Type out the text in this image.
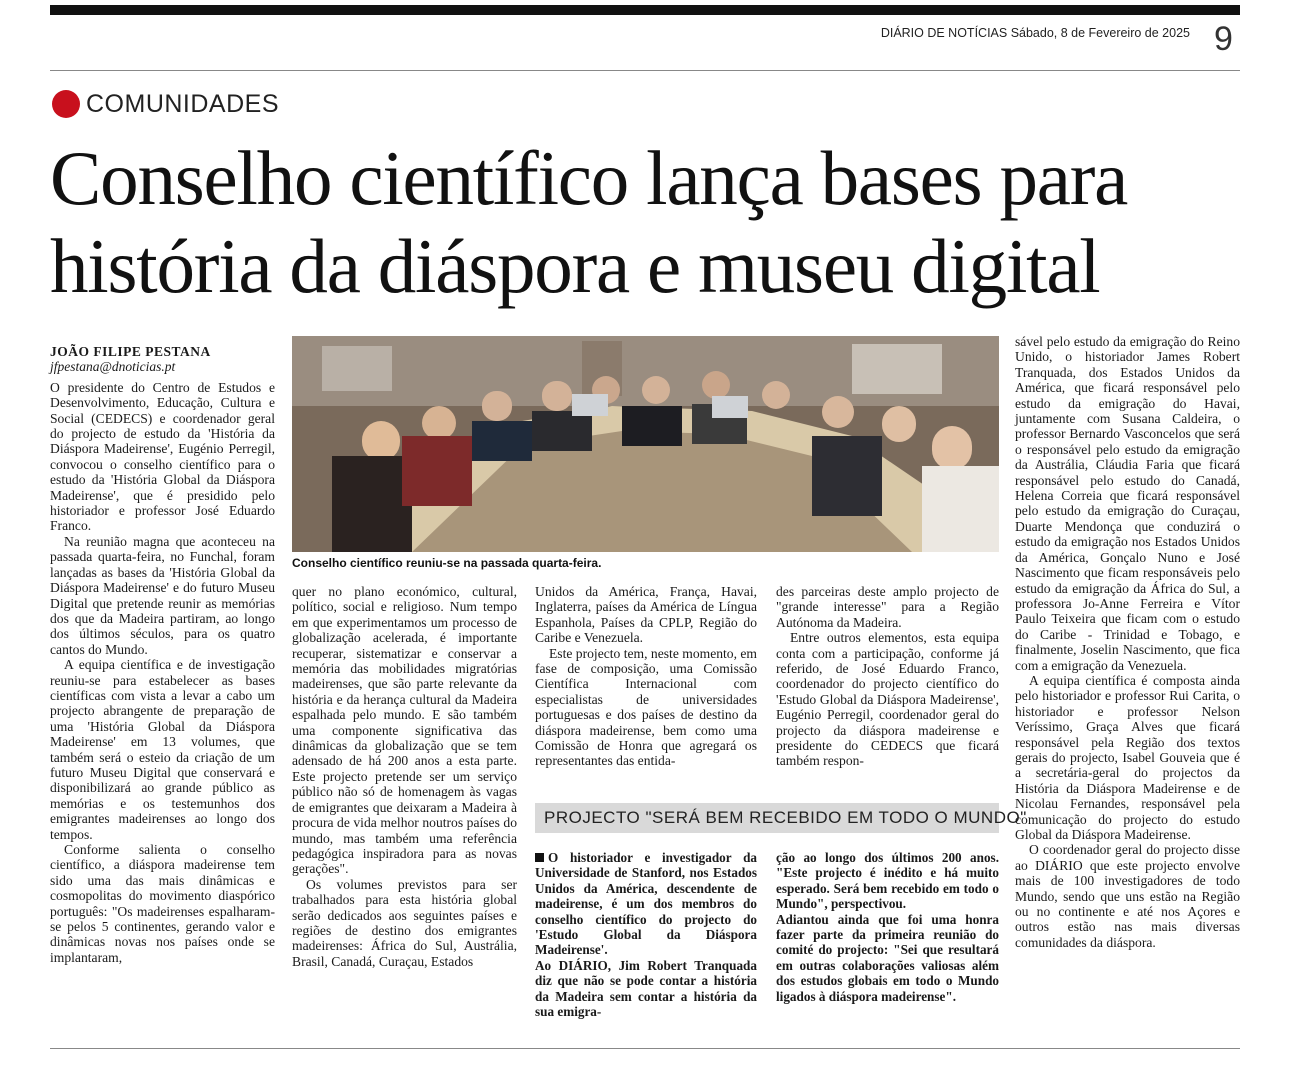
DIÁRIO DE NOTÍCIAS Sábado, 8 de Fevereiro de 2025 9
COMUNIDADES
Conselho científico lança bases para
história da diáspora e museu digital
JOÃO FILIPE PESTANA
jfpestana@dnoticias.pt

O presidente do Centro de Estudos e Desenvolvimento, Educação, Cultura e Social (CEDECS) e coordenador geral do projecto de estudo da 'História da Diáspora Madeirense', Eugénio Perregil, convocou o conselho científico para o estudo da 'História Global da Diáspora Madeirense', que é presidido pelo historiador e professor José Eduardo Franco.

Na reunião magna que aconteceu na passada quarta-feira, no Funchal, foram lançadas as bases da 'História Global da Diáspora Madeirense' e do futuro Museu Digital que pretende reunir as memórias dos que da Madeira partiram, ao longo dos últimos séculos, para os quatro cantos do Mundo.

A equipa científica e de investigação reuniu-se para estabelecer as bases científicas com vista a levar a cabo um projecto abrangente de preparação de uma 'História Global da Diáspora Madeirense' em 13 volumes, que também será o esteio da criação de um futuro Museu Digital que conservará e disponibilizará ao grande público as memórias e os testemunhos dos emigrantes madeirenses ao longo dos tempos.

Conforme salienta o conselho científico, a diáspora madeirense tem sido uma das mais dinâmicas e cosmopolitas do movimento diaspórico português: "Os madeirenses espalharam-se pelos 5 continentes, gerando valor e dinâmicas novas nos países onde se implantaram,

Conselho científico reuniu-se na passada quarta-feira.

quer no plano económico, cultural, político, social e religioso. Num tempo em que experimentamos um processo de globalização acelerada, é importante recuperar, sistematizar e conservar a memória das mobilidades migratórias madeirenses, que são parte relevante da história e da herança cultural da Madeira espalhada pelo mundo. E são também uma componente significativa das dinâmicas da globalização que se tem adensado de há 200 anos a esta parte. Este projecto pretende ser um serviço público não só de homenagem às vagas de emigrantes que deixaram a Madeira à procura de vida melhor noutros países do mundo, mas também uma referência pedagógica inspiradora para as novas gerações".

Os volumes previstos para ser trabalhados para esta história global serão dedicados aos seguintes países e regiões de destino dos emigrantes madeirenses: África do Sul, Austrália, Brasil, Canadá, Curaçau, Estados

Unidos da América, França, Havai, Inglaterra, países da América de Língua Espanhola, Países da CPLP, Região do Caribe e Venezuela.

Este projecto tem, neste momento, em fase de composição, uma Comissão Científica Internacional com especialistas de universidades portuguesas e dos países de destino da diáspora madeirense, bem como uma Comissão de Honra que agregará os representantes das entida-

des parceiras deste amplo projecto de "grande interesse" para a Região Autónoma da Madeira.

Entre outros elementos, esta equipa conta com a participação, conforme já referido, de José Eduardo Franco, coordenador do projecto científico do 'Estudo Global da Diáspora Madeirense', Eugénio Perregil, coordenador geral do projecto da diáspora madeirense e presidente do CEDECS que ficará também respon-

PROJECTO "SERÁ BEM RECEBIDO EM TODO O MUNDO"

O historiador e investigador da Universidade de Stanford, nos Estados Unidos da América, descendente de madeirense, é um dos membros do conselho científico do projecto do 'Estudo Global da Diáspora Madeirense'.

Ao DIÁRIO, Jim Robert Tranquada diz que não se pode contar a história da Madeira sem contar a história da sua emigra-

ção ao longo dos últimos 200 anos. "Este projecto é inédito e há muito esperado. Será bem recebido em todo o Mundo", perspectivou.

Adiantou ainda que foi uma honra fazer parte da primeira reunião do comité do projecto: "Sei que resultará em outras colaborações valiosas além dos estudos globais em todo o Mundo ligados à diáspora madeirense".

sável pelo estudo da emigração do Reino Unido, o historiador James Robert Tranquada, dos Estados Unidos da América, que ficará responsável pelo estudo da emigração do Havai, juntamente com Susana Caldeira, o professor Bernardo Vasconcelos que será o responsável pelo estudo da emigração da Austrália, Cláudia Faria que ficará responsável pelo estudo do Canadá, Helena Correia que ficará responsável pelo estudo da emigração do Curaçau, Duarte Mendonça que conduzirá o estudo da emigração nos Estados Unidos da América, Gonçalo Nuno e José Nascimento que ficam responsáveis pelo estudo da emigração da África do Sul, a professora Jo-Anne Ferreira e Vítor Paulo Teixeira que ficam com o estudo do Caribe - Trinidad e Tobago, e finalmente, Joselin Nascimento, que fica com a emigração da Venezuela.

A equipa científica é composta ainda pelo historiador e professor Rui Carita, o historiador e professor Nelson Veríssimo, Graça Alves que ficará responsável pela Região dos textos gerais do projecto, Isabel Gouveia que é a secretária-geral do projectos da História da Diáspora Madeirense e de Nicolau Fernandes, responsável pela comunicação do projecto do estudo Global da Diáspora Madeirense.

O coordenador geral do projecto disse ao DIÁRIO que este projecto envolve mais de 100 investigadores de todo Mundo, sendo que uns estão na Região ou no continente e até nos Açores e outros estão nas mais diversas comunidades da diáspora.
